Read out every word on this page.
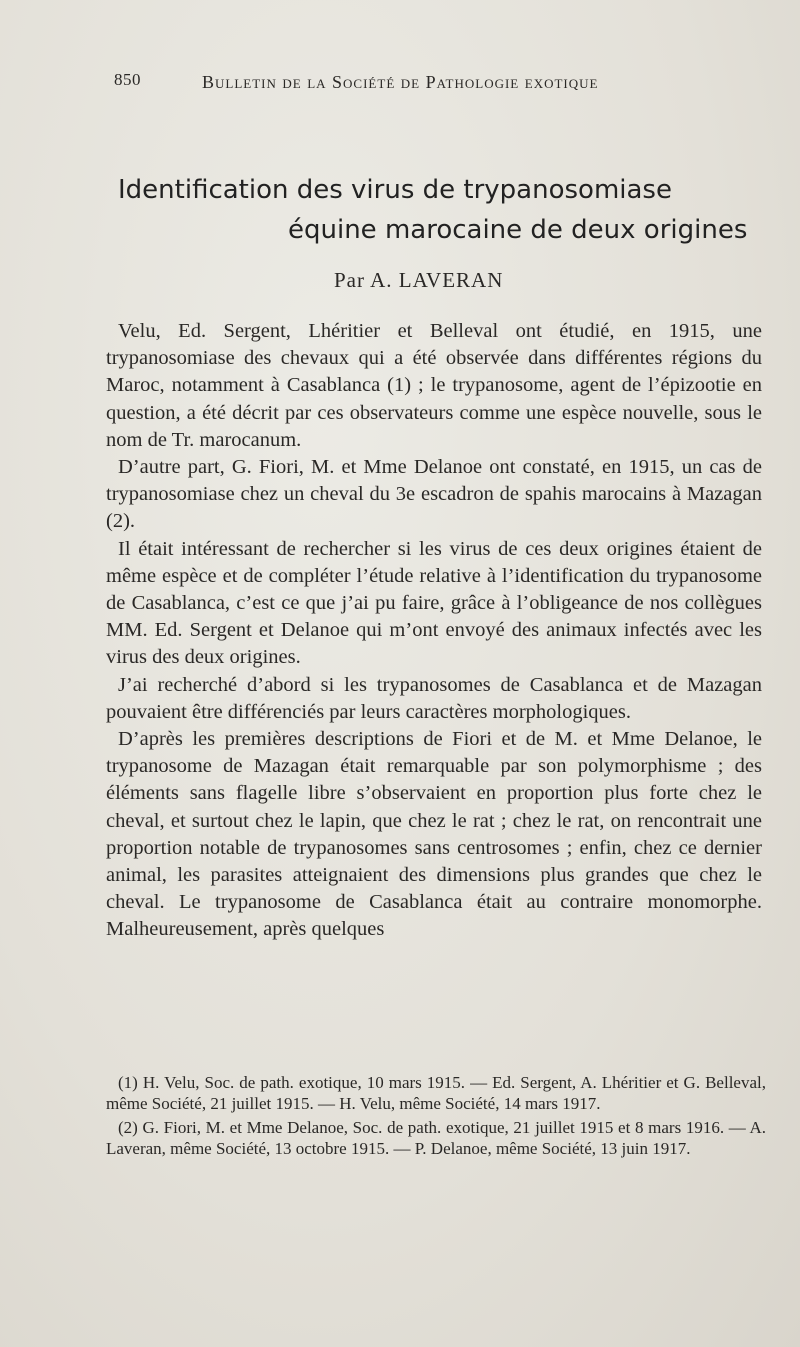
850	Bulletin de la Société de Pathologie exotique
Identification des virus de trypanosomiase
équine marocaine de deux origines
Par A. LAVERAN

Velu, Ed. Sergent, Lhéritier et Belleval ont étudié, en 1915, une trypanosomiase des chevaux qui a été observée dans différentes régions du Maroc, notamment à Casablanca (1) ; le trypanosome, agent de l’épizootie en question, a été décrit par ces observateurs comme une espèce nouvelle, sous le nom de Tr. marocanum.

D’autre part, G. Fiori, M. et Mme Delanoe ont constaté, en 1915, un cas de trypanosomiase chez un cheval du 3e escadron de spahis marocains à Mazagan (2).

Il était intéressant de rechercher si les virus de ces deux origines étaient de même espèce et de compléter l’étude relative à l’identification du trypanosome de Casablanca, c’est ce que j’ai pu faire, grâce à l’obligeance de nos collègues MM. Ed. Sergent et Delanoe qui m’ont envoyé des animaux infectés avec les virus des deux origines.

J’ai recherché d’abord si les trypanosomes de Casablanca et de Mazagan pouvaient être différenciés par leurs caractères morphologiques.

D’après les premières descriptions de Fiori et de M. et Mme Delanoe, le trypanosome de Mazagan était remarquable par son polymorphisme ; des éléments sans flagelle libre s’observaient en proportion plus forte chez le cheval, et surtout chez le lapin, que chez le rat ; chez le rat, on rencontrait une proportion notable de trypanosomes sans centrosomes ; enfin, chez ce dernier animal, les parasites atteignaient des dimensions plus grandes que chez le cheval. Le trypanosome de Casablanca était au contraire monomorphe. Malheureusement, après quelques

(1) H. Velu, Soc. de path. exotique, 10 mars 1915. — Ed. Sergent, A. Lhéritier et G. Belleval, même Société, 21 juillet 1915. — H. Velu, même Société, 14 mars 1917.

(2) G. Fiori, M. et Mme Delanoe, Soc. de path. exotique, 21 juillet 1915 et 8 mars 1916. — A. Laveran, même Société, 13 octobre 1915. — P. Delanoe, même Société, 13 juin 1917.
